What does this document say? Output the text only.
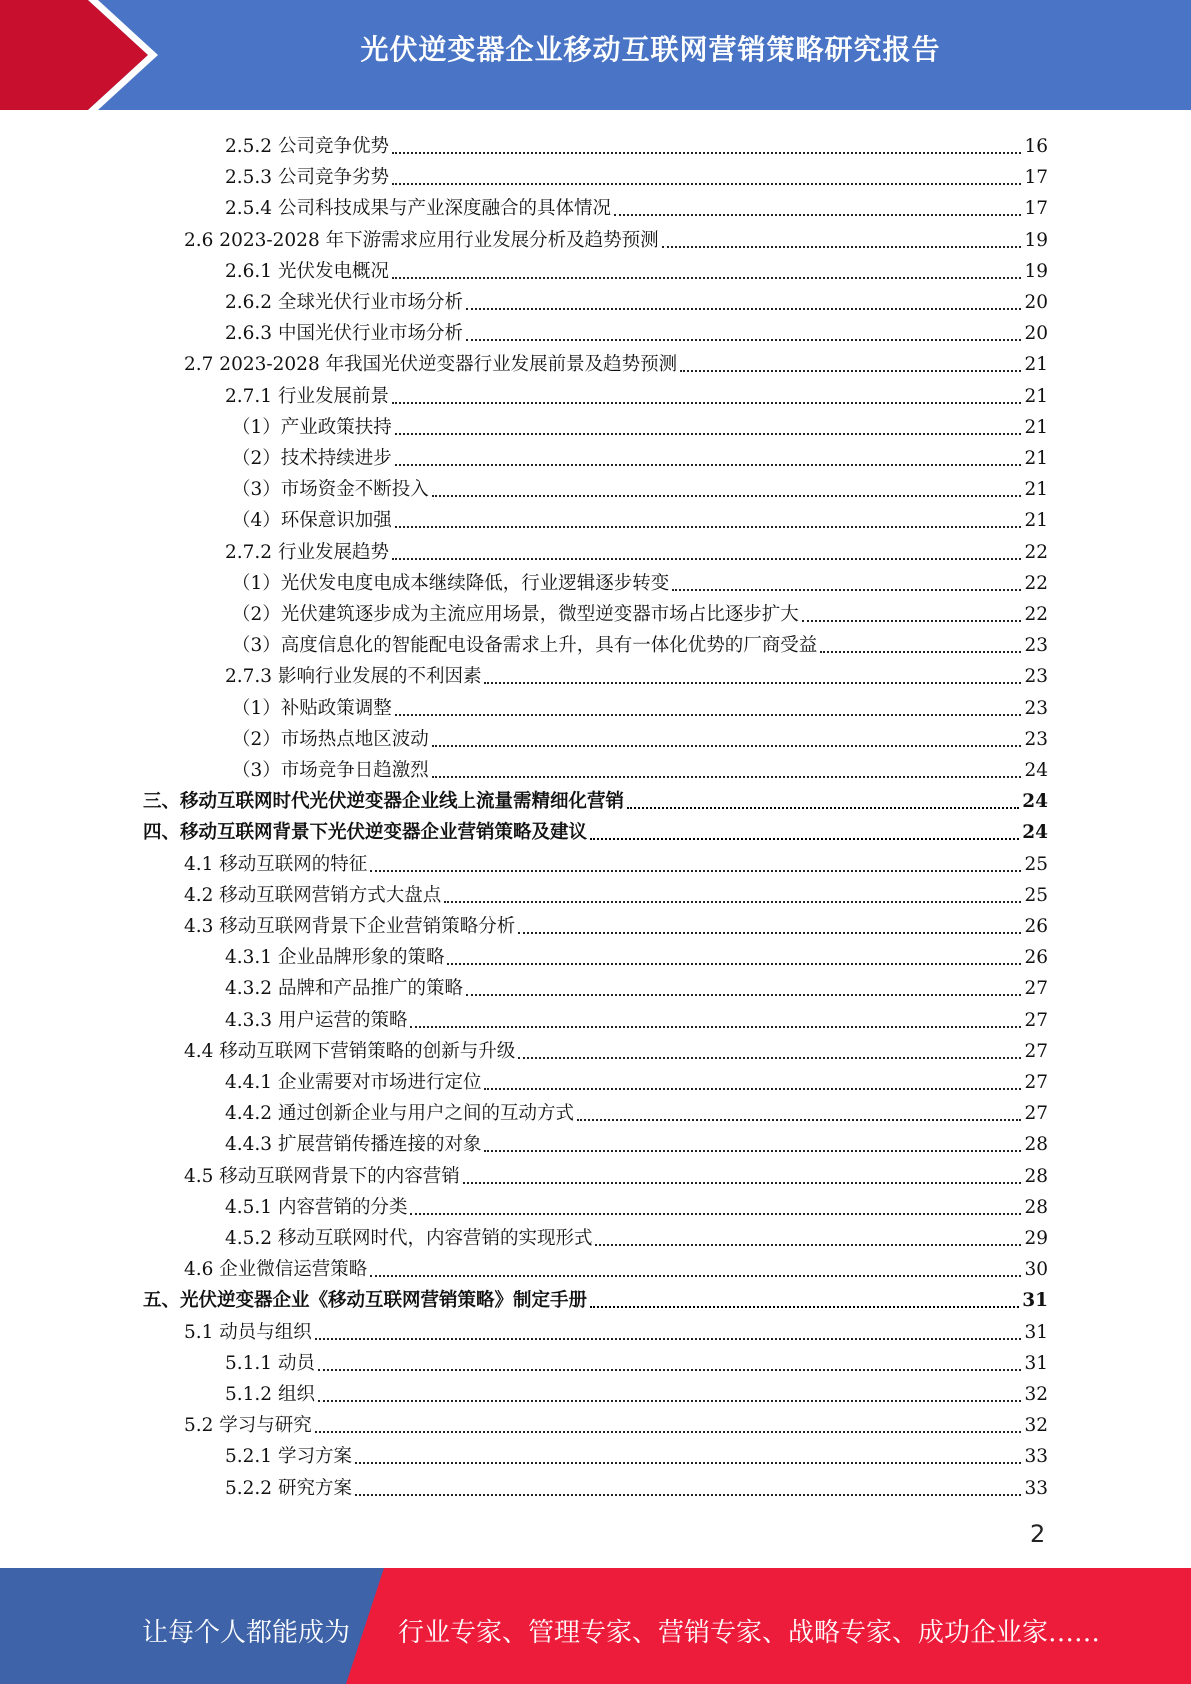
光伏逆变器企业移动互联网营销策略研究报告
2.5.2 公司竞争优势	16
2.5.3 公司竞争劣势	17
2.5.4 公司科技成果与产业深度融合的具体情况	17
2.6 2023-2028 年下游需求应用行业发展分析及趋势预测	19
2.6.1 光伏发电概况	19
2.6.2 全球光伏行业市场分析	20
2.6.3 中国光伏行业市场分析	20
2.7 2023-2028 年我国光伏逆变器行业发展前景及趋势预测	21
2.7.1 行业发展前景	21
（1）产业政策扶持	21
（2）技术持续进步	21
（3）市场资金不断投入	21
（4）环保意识加强	21
2.7.2 行业发展趋势	22
（1）光伏发电度电成本继续降低，行业逻辑逐步转变	22
（2）光伏建筑逐步成为主流应用场景，微型逆变器市场占比逐步扩大	22
（3）高度信息化的智能配电设备需求上升，具有一体化优势的厂商受益	23
2.7.3 影响行业发展的不利因素	23
（1）补贴政策调整	23
（2）市场热点地区波动	23
（3）市场竞争日趋激烈	24
三、移动互联网时代光伏逆变器企业线上流量需精细化营销	24
四、移动互联网背景下光伏逆变器企业营销策略及建议	24
4.1 移动互联网的特征	25
4.2 移动互联网营销方式大盘点	25
4.3 移动互联网背景下企业营销策略分析	26
4.3.1 企业品牌形象的策略	26
4.3.2 品牌和产品推广的策略	27
4.3.3 用户运营的策略	27
4.4 移动互联网下营销策略的创新与升级	27
4.4.1 企业需要对市场进行定位	27
4.4.2 通过创新企业与用户之间的互动方式	27
4.4.3 扩展营销传播连接的对象	28
4.5 移动互联网背景下的内容营销	28
4.5.1 内容营销的分类	28
4.5.2 移动互联网时代，内容营销的实现形式	29
4.6 企业微信运营策略	30
五、光伏逆变器企业《移动互联网营销策略》制定手册	31
5.1 动员与组织	31
5.1.1 动员	31
5.1.2 组织	32
5.2 学习与研究	32
5.2.1 学习方案	33
5.2.2 研究方案	33
2
让每个人都能成为 行业专家、管理专家、营销专家、战略专家、成功企业家……
